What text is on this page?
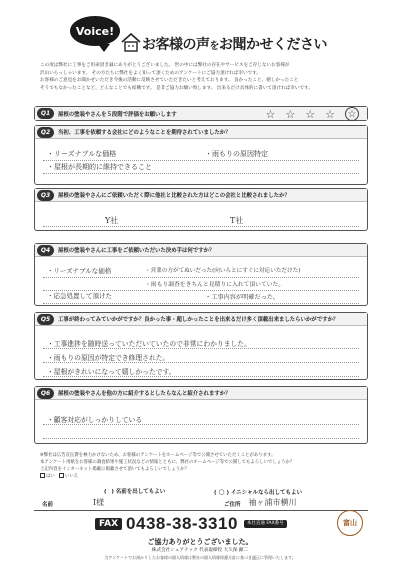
Voice!
お客様の声をお聞かせください
この度は弊社に工事をご用命頂き誠にありがとうございました。 世の中には弊社の存在やサービスをご存じないお客様が
沢山いらっしゃいます。 その方たちに弊社をよく知って頂くためのアンケートにご協力頂ければ幸いです。
お客様のご意見をお聞かせいただき今後の活動に反映させていただきたいと考えております。 良かったこと、嬉しかったこと
そうでもなかったことなど、どんなことでも結構です。 是非ご協力お願い致します。 出来るだけ具体的に書いて頂ければ幸いです。
Q1	屋根の塗装やさんを５段階で評価をお願いします	☆ ☆ ☆ ☆ ☆
Q2	当初、工事を依頼する会社にどのようなことを期待されていましたか？
・リーズナブルな価格	・雨もりの原因特定
・屋根が長期的に維持できること
Q3	屋根の塗装やさんにご依頼いただく際に他社と比較された方はどこの会社と比較されましたか？
Y社	T社
Q4	屋根の塗装やさんに工事をご依頼いただいた決め手は何ですか？
・リーズナブルな価格	・営業の方がてぬいだった(向いらとにすぐに対応いただけた)
・応急処置して頂けた
・雨もり調査をきちんと見積りに入れて頂いていた。
・工事内容が明確だった。
Q5	工事が終わってみていかがですか？良かった事・超しかったことを出来るだけ多く頂載出来ましたらいかがですか？
・工事進捗を随時送っていただいていたので非常にわかりました。
・雨もりの原因が特定でき修理された。
・屋根がきれいになって嬉しかったです。
Q6	屋根の塗装やさんを他の方に紹介するとしたらなんと紹介されますか？
・顧客対応がしっかりしている
※弊社は広告宣伝費を極力かけないため、お客様のアンケートをホームページ等で公開させていただくことがあります。
本アンケート用紙をお客様の調査結果や施工状況などの情報とともに、弊社のホームページ等で公開してもよろしいでしょうか？
上記内容をインターネット掲載に掲載させて頂いてもよろしいでしょうか？
はい いいえ
名前	I様
(  ) 名前を出してもよい
ご住所 袖ヶ浦市横川
( ○ ) イニシャルなら出してもよい
FAX 0438-38-3310	本社直通 FAX番号	富山
ご協力ありがとうございました。
株式会社シェアテック 代表取締役 大久保 顕二
当アンケートでお預かりしたお客様の個人情報は弊社の個人情報保護方針に基づき適正に管理いたします。
